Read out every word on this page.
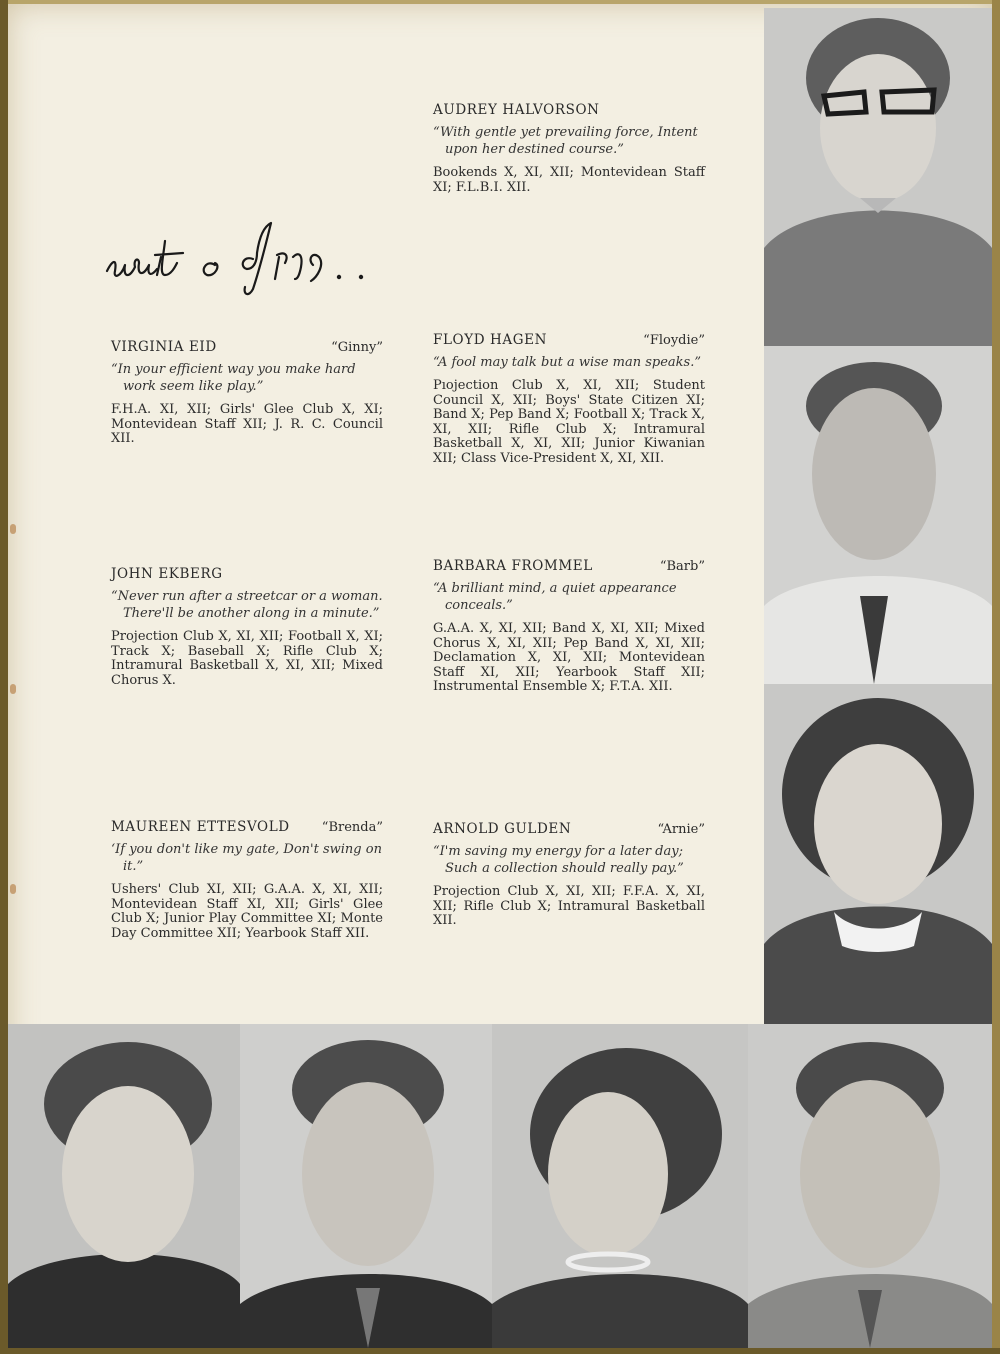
AUDREY HALVORSON
“With gentle yet prevailing force, Intent upon her destined course.”
Bookends X, XI, XII; Montevidean Staff XI; F.L.B.I. XII.
VIRGINIA EID	“Ginny”
“In your efficient way you make hard work seem like play.”
F.H.A. XI, XII; Girls' Glee Club X, XI; Montevidean Staff XII; J. R. C. Council XII.
FLOYD HAGEN	“Floydie”
“A fool may talk but a wise man speaks.”
Pıojection Club X, XI, XII; Student Council X, XII; Boys' State Citizen XI; Band X; Pep Band X; Football X; Track X, XI, XII; Rifle Club X; Intramural Basketball X, XI, XII; Junior Kiwanian XII; Class Vice-President X, XI, XII.
JOHN EKBERG
“Never run after a streetcar or a woman. There'll be another along in a minute.”
Projection Club X, XI, XII; Football X, XI; Track X; Baseball X; Rifle Club X; Intramural Basketball X, XI, XII; Mixed Chorus X.
BARBARA FROMMEL	“Barb”
“A brilliant mind, a quiet appearance conceals.”
G.A.A. X, XI, XII; Band X, XI, XII; Mixed Chorus X, XI, XII; Pep Band X, XI, XII; Declamation X, XI, XII; Montevidean Staff XI, XII; Yearbook Staff XII; Instrumental Ensemble X; F.T.A. XII.
MAUREEN ETTESVOLD “Brenda”
‘If you don't like my gate, Don't swing on it.”
Ushers' Club XI, XII; G.A.A. X, XI, XII; Montevidean Staff XI, XII; Girls' Glee Club X; Junior Play Committee XI; Monte Day Committee XII; Yearbook Staff XII.
ARNOLD GULDEN	“Arnie”
“I'm saving my energy for a later day; Such a collection should really pay.”
Projection Club X, XI, XII; F.F.A. X, XI, XII; Rifle Club X; Intramural Basketball XII.
